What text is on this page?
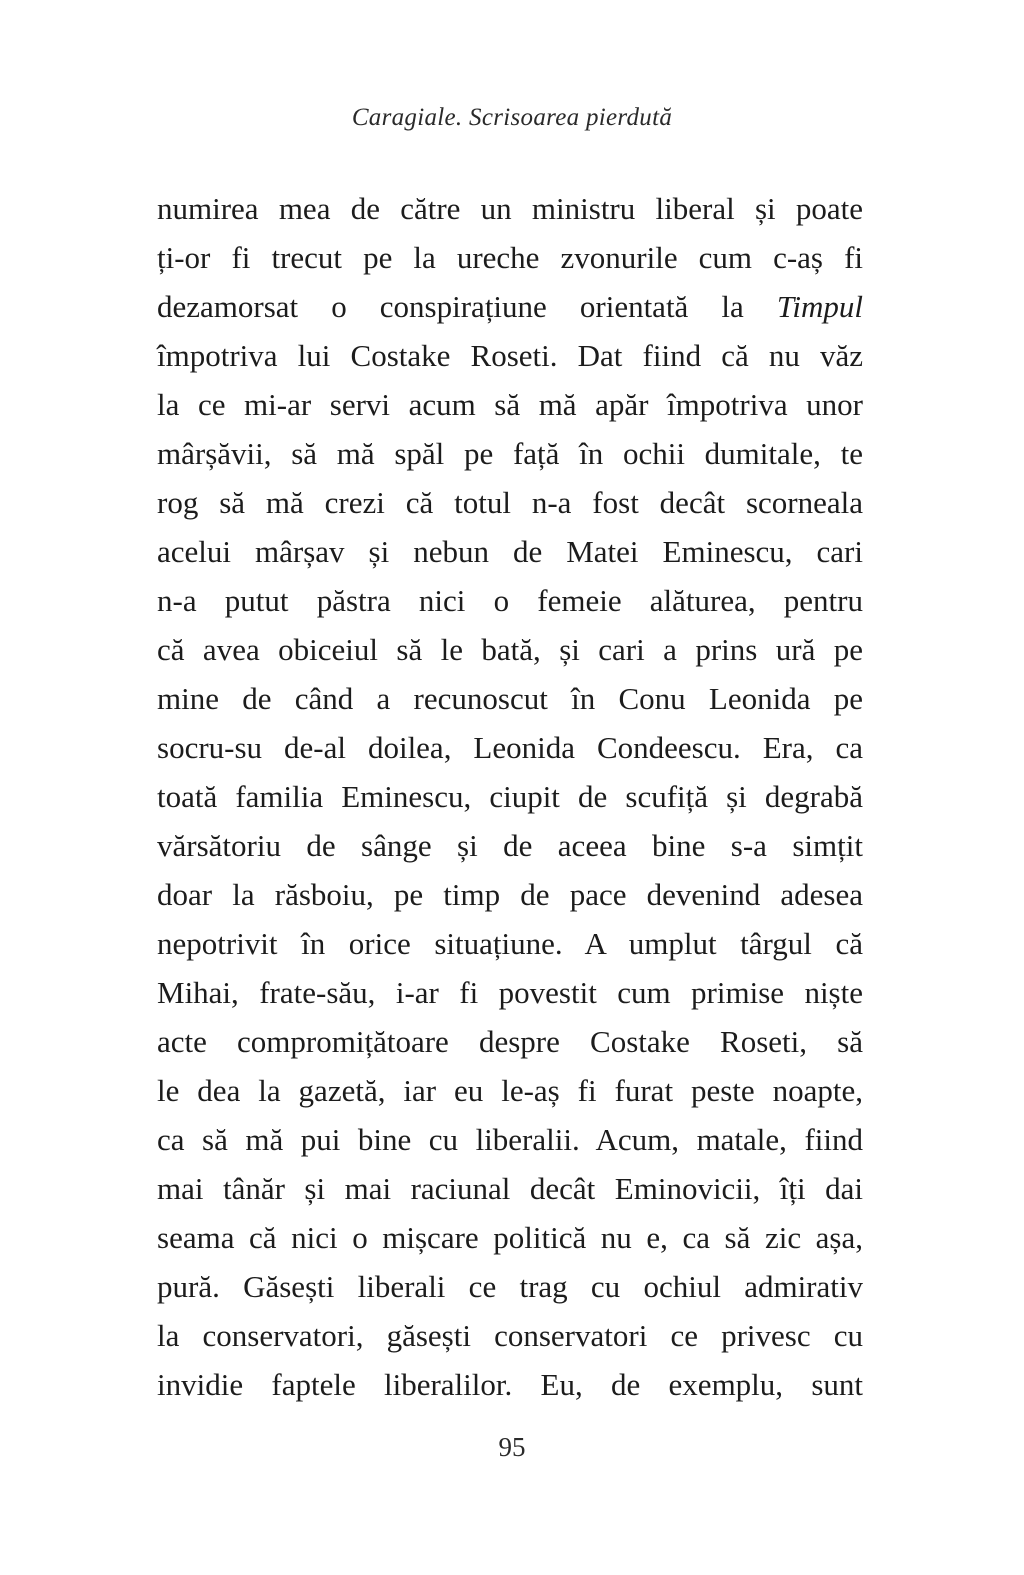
Caragiale. Scrisoarea pierdută
numirea mea de către un ministru liberal și poate
ți-or fi trecut pe la ureche zvonurile cum c-aș fi
dezamorsat o conspirațiune orientată la Timpul
împotriva lui Costake Roseti. Dat fiind că nu văz
la ce mi-ar servi acum să mă apăr împotriva unor
mârșăvii, să mă spăl pe față în ochii dumitale, te
rog să mă crezi că totul n-a fost decât scorneala
acelui mârșav și nebun de Matei Eminescu, cari
n-a putut păstra nici o femeie alăturea, pentru
că avea obiceiul să le bată, și cari a prins ură pe
mine de când a recunoscut în Conu Leonida pe
socru-su de-al doilea, Leonida Condeescu. Era, ca
toată familia Eminescu, ciupit de scufiță și degrabă
vărsătoriu de sânge și de aceea bine s-a simțit
doar la răsboiu, pe timp de pace devenind adesea
nepotrivit în orice situațiune. A umplut târgul că
Mihai, frate-său, i-ar fi povestit cum primise niște
acte compromițătoare despre Costake Roseti, să
le dea la gazetă, iar eu le-aș fi furat peste noapte,
ca să mă pui bine cu liberalii. Acum, matale, fiind
mai tânăr și mai raciunal decât Eminovicii, îți dai
seama că nici o mișcare politică nu e, ca să zic așa,
pură. Găsești liberali ce trag cu ochiul admirativ
la conservatori, găsești conservatori ce privesc cu
invidie faptele liberalilor. Eu, de exemplu, sunt
95
